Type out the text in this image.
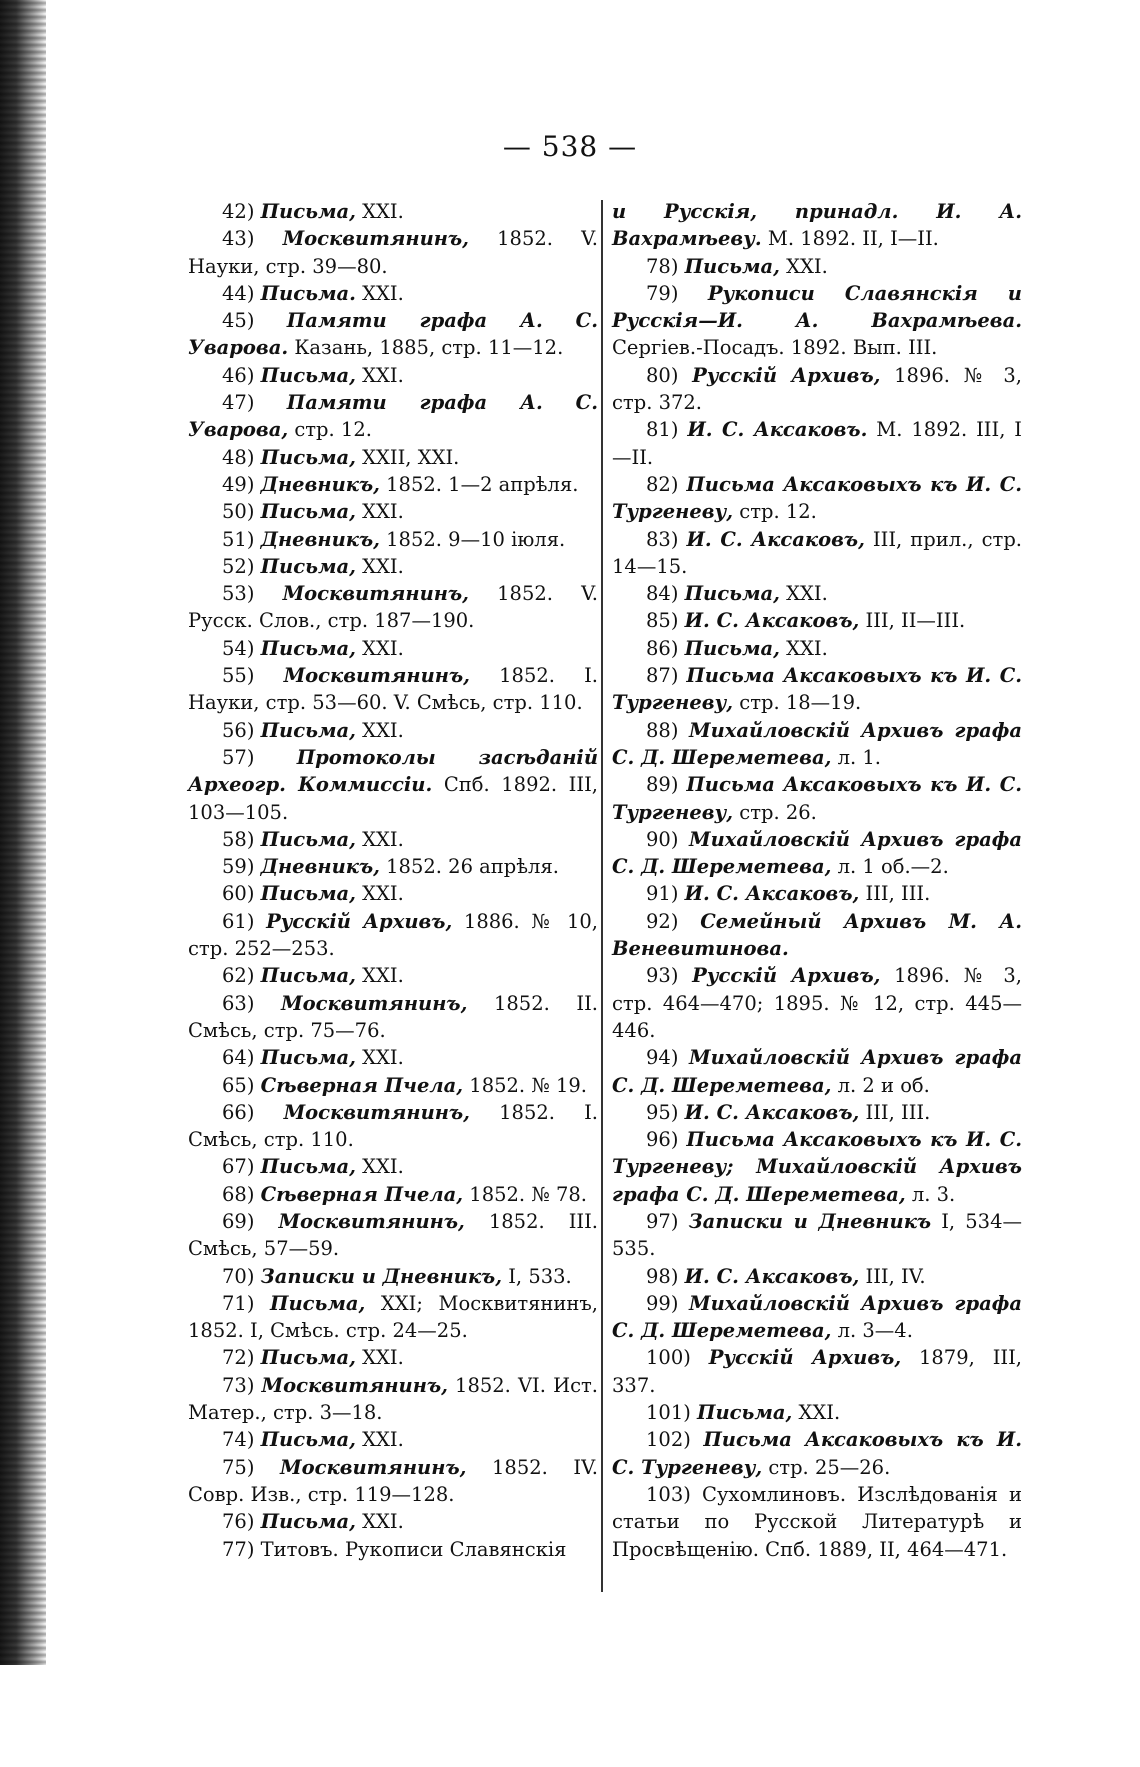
— 538 —
42) Письма, XXI.
43) Москвитянинъ, 1852. V. Науки, стр. 39—80.
44) Письма. XXI.
45) Памяти графа А. С. Уварова. Казань, 1885, стр. 11—12.
46) Письма, XXI.
47) Памяти графа А. С. Уварова, стр. 12.
48) Письма, XXII, XXI.
49) Дневникъ, 1852. 1—2 апрѣля.
50) Письма, XXI.
51) Дневникъ, 1852. 9—10 іюля.
52) Письма, XXI.
53) Москвитянинъ, 1852. V. Русск. Слов., стр. 187—190.
54) Письма, XXI.
55) Москвитянинъ, 1852. I. Науки, стр. 53—60. V. Смѣсь, стр. 110.
56) Письма, XXI.
57) Протоколы засѣданій Археогр. Коммиссіи. Спб. 1892. III, 103—105.
58) Письма, XXI.
59) Дневникъ, 1852. 26 апрѣля.
60) Письма, XXI.
61) Русскій Архивъ, 1886. № 10, стр. 252—253.
62) Письма, XXI.
63) Москвитянинъ, 1852. II. Смѣсь, стр. 75—76.
64) Письма, XXI.
65) Сѣверная Пчела, 1852. № 19.
66) Москвитянинъ, 1852. I. Смѣсь, стр. 110.
67) Письма, XXI.
68) Сѣверная Пчела, 1852. № 78.
69) Москвитянинъ, 1852. III. Смѣсь, 57—59.
70) Записки и Дневникъ, I, 533.
71) Письма, XXI; Москвитянинъ, 1852. I, Смѣсь. стр. 24—25.
72) Письма, XXI.
73) Москвитянинъ, 1852. VI. Ист. Матер., стр. 3—18.
74) Письма, XXI.
75) Москвитянинъ, 1852. IV. Совр. Изв., стр. 119—128.
76) Письма, XXI.
77) Титовъ. Рукописи Славянскія
и Русскія, принадл. И. А. Вахрамѣеву. М. 1892. II, I—II.
78) Письма, XXI.
79) Рукописи Славянскія и Русскія—И. А. Вахрамѣева. Сергіев.-Посадъ. 1892. Вып. III.
80) Русскій Архивъ, 1896. № 3, стр. 372.
81) И. С. Аксаковъ. М. 1892. III, I—II.
82) Письма Аксаковыхъ къ И. С. Тургеневу, стр. 12.
83) И. С. Аксаковъ, III, прил., стр. 14—15.
84) Письма, XXI.
85) И. С. Аксаковъ, III, II—III.
86) Письма, XXI.
87) Письма Аксаковыхъ къ И. С. Тургеневу, стр. 18—19.
88) Михайловскій Архивъ графа С. Д. Шереметева, л. 1.
89) Письма Аксаковыхъ къ И. С. Тургеневу, стр. 26.
90) Михайловскій Архивъ графа С. Д. Шереметева, л. 1 об.—2.
91) И. С. Аксаковъ, III, III.
92) Семейный Архивъ М. А. Веневитинова.
93) Русскій Архивъ, 1896. № 3, стр. 464—470; 1895. № 12, стр. 445—446.
94) Михайловскій Архивъ графа С. Д. Шереметева, л. 2 и об.
95) И. С. Аксаковъ, III, III.
96) Письма Аксаковыхъ къ И. С. Тургеневу; Михайловскій Архивъ графа С. Д. Шереметева, л. 3.
97) Записки и Дневникъ I, 534—535.
98) И. С. Аксаковъ, III, IV.
99) Михайловскій Архивъ графа С. Д. Шереметева, л. 3—4.
100) Русскій Архивъ, 1879, III, 337.
101) Письма, XXI.
102) Письма Аксаковыхъ къ И. С. Тургеневу, стр. 25—26.
103) Сухомлиновъ. Изслѣдованія и статьи по Русской Литературѣ и Просвѣщенію. Спб. 1889, II, 464—471.
